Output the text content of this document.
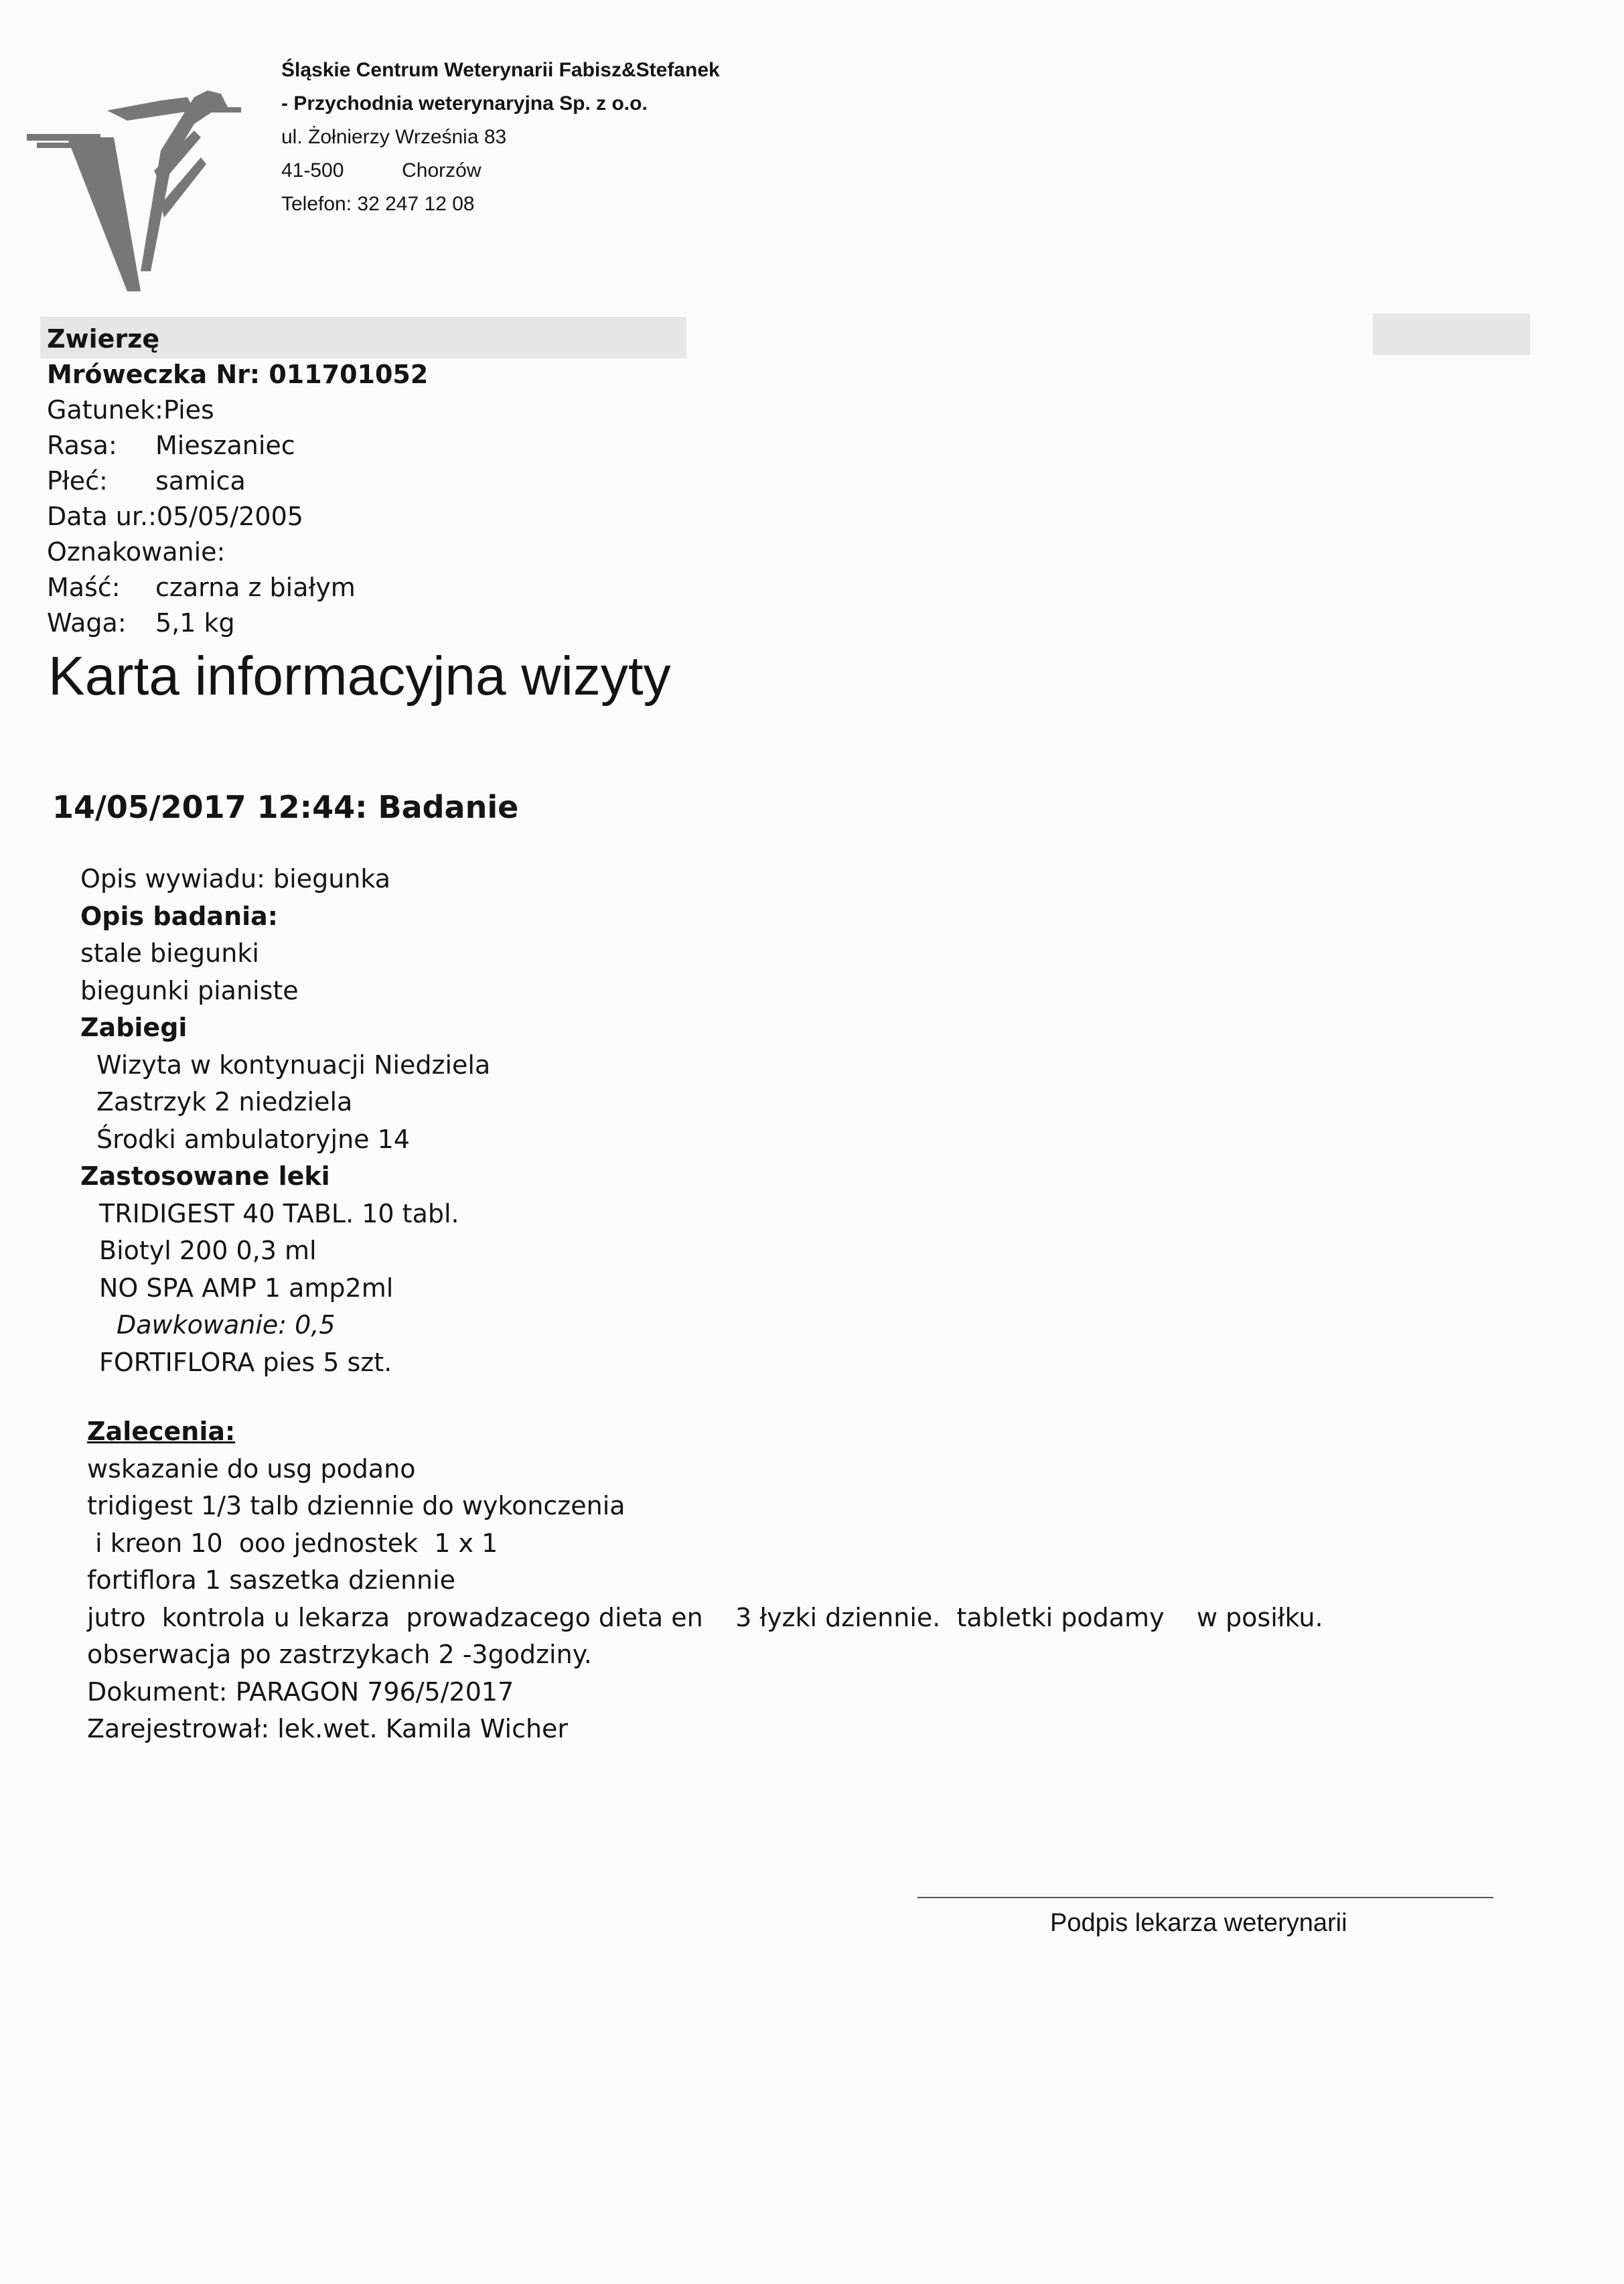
Śląskie Centrum Weterynarii Fabisz&Stefanek
- Przychodnia weterynaryjna Sp. z o.o.
ul. Żołnierzy Września 83
41-500	Chorzów
Telefon: 32 247 12 08
Zwierzę
Mróweczka Nr: 011701052
Gatunek:Pies
Rasa: Mieszaniec
Płeć: samica
Data ur.:05/05/2005
Oznakowanie:
Maść: czarna z białym
Waga: 5,1 kg
Karta informacyjna wizyty
14/05/2017 12:44: Badanie
Opis wywiadu: biegunka
Opis badania:
stale biegunki
biegunki pianiste
Zabiegi
Wizyta w kontynuacji Niedziela
Zastrzyk 2 niedziela
Środki ambulatoryjne 14
Zastosowane leki
TRIDIGEST 40 TABL. 10 tabl.
Biotyl 200 0,3 ml
NO SPA AMP 1 amp2ml
Dawkowanie: 0,5
FORTIFLORA pies 5 szt.
Zalecenia:
wskazanie do usg podano
tridigest 1/3 talb dziennie do wykonczenia
i kreon 10  ooo jednostek  1 x 1
fortiflora 1 saszetka dziennie
jutro  kontrola u lekarza  prowadzacego dieta en    3 łyzki dziennie.  tabletki podamy    w posiłku.
obserwacja po zastrzykach 2 -3godziny.
Dokument: PARAGON 796/5/2017
Zarejestrował: lek.wet. Kamila Wicher
Podpis lekarza weterynarii
